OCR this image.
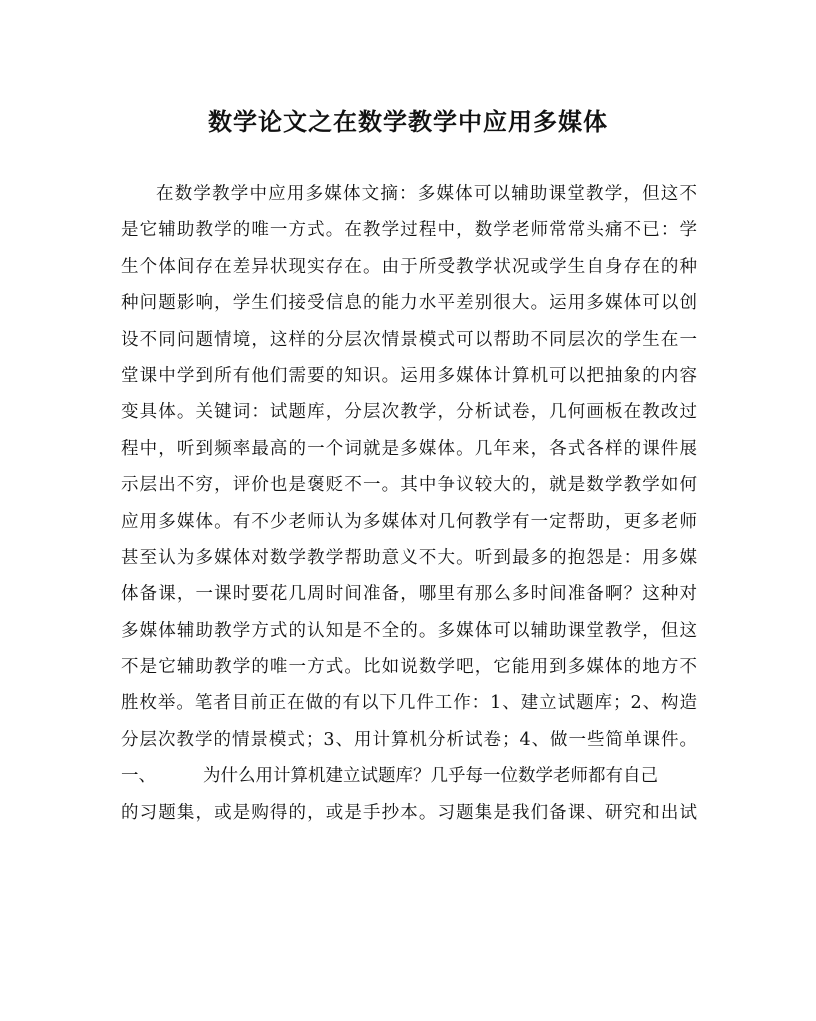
数学论文之在数学教学中应用多媒体
在数学教学中应用多媒体文摘：多媒体可以辅助课堂教学，但这不
是它辅助教学的唯一方式。在教学过程中，数学老师常常头痛不已：学
生个体间存在差异状现实存在。由于所受教学状况或学生自身存在的种
种问题影响，学生们接受信息的能力水平差别很大。运用多媒体可以创
设不同问题情境，这样的分层次情景模式可以帮助不同层次的学生在一
堂课中学到所有他们需要的知识。运用多媒体计算机可以把抽象的内容
变具体。关键词：试题库，分层次教学，分析试卷，几何画板在教改过
程中，听到频率最高的一个词就是多媒体。几年来，各式各样的课件展
示层出不穷，评价也是褒贬不一。其中争议较大的，就是数学教学如何
应用多媒体。有不少老师认为多媒体对几何教学有一定帮助，更多老师
甚至认为多媒体对数学教学帮助意义不大。听到最多的抱怨是：用多媒
体备课，一课时要花几周时间准备，哪里有那么多时间准备啊？这种对
多媒体辅助教学方式的认知是不全的。多媒体可以辅助课堂教学，但这
不是它辅助教学的唯一方式。比如说数学吧，它能用到多媒体的地方不
胜枚举。笔者目前正在做的有以下几件工作：1、建立试题库；2、构造
分层次教学的情景模式；3、用计算机分析试卷；4、做一些简单课件。
一、	为什么用计算机建立试题库？几乎每一位数学老师都有自己
的习题集，或是购得的，或是手抄本。习题集是我们备课、研究和出试
